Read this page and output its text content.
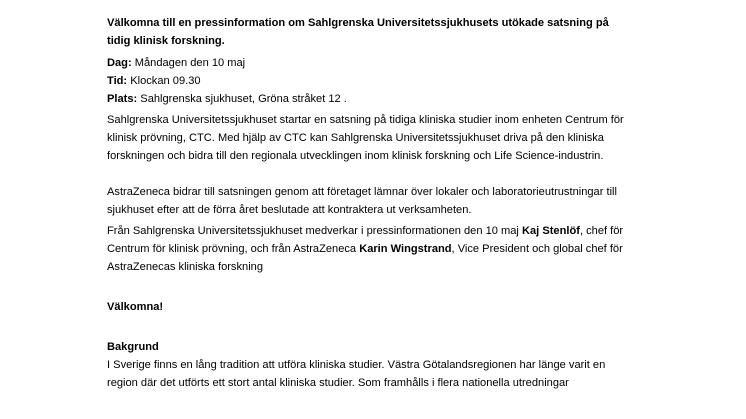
Välkomna till en pressinformation om Sahlgrenska Universitetssjukhusets utökade satsning på tidig klinisk forskning.

Dag: Måndagen den 10 maj

Tid: Klockan 09.30

Plats: Sahlgrenska sjukhuset, Gröna stråket 12 .

Sahlgrenska Universitetssjukhuset startar en satsning på tidiga kliniska studier inom enheten Centrum för klinisk prövning, CTC. Med hjälp av CTC kan Sahlgrenska Universitetssjukhuset driva på den kliniska forskningen och bidra till den regionala utvecklingen inom klinisk forskning och Life Science-industrin.

AstraZeneca bidrar till satsningen genom att företaget lämnar över lokaler och laboratorieutrustningar till sjukhuset efter att de förra året beslutade att kontraktera ut verksamheten.

Från Sahlgrenska Universitetssjukhuset medverkar i pressinformationen den 10 maj Kaj Stenlöf, chef för Centrum för klinisk prövning, och från AstraZeneca Karin Wingstrand, Vice President och global chef för AstraZenecas kliniska forskning

Välkomna!

Bakgrund

I Sverige finns en lång tradition att utföra kliniska studier. Västra Götalandsregionen har länge varit en region där det utförts ett stort antal kliniska studier. Som framhålls i flera nationella utredningar
